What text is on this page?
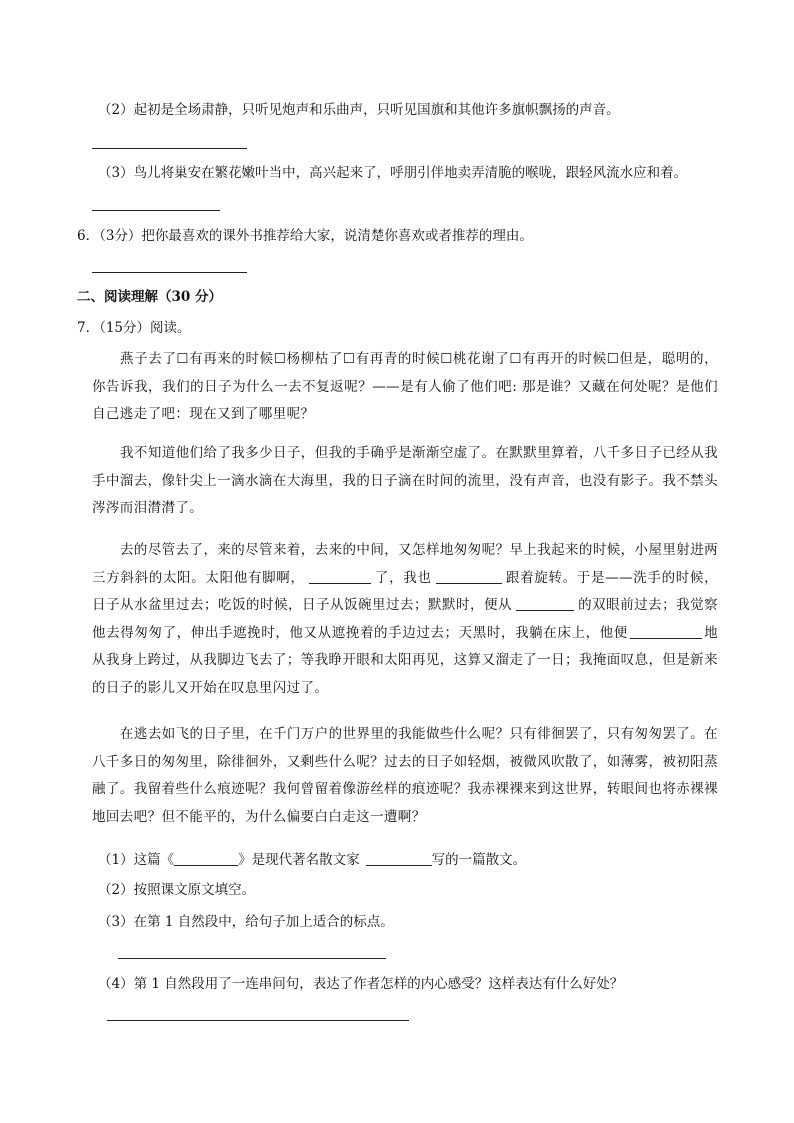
（2）起初是全场肃静，只听见炮声和乐曲声，只听见国旗和其他许多旗帜飘扬的声音。
（3）鸟儿将巢安在繁花嫩叶当中，高兴起来了，呼朋引伴地卖弄清脆的喉咙，跟轻风流水应和着。
6．（3分）把你最喜欢的课外书推荐给大家，说清楚你喜欢或者推荐的理由。
二、阅读理解（30 分）
7．（15分）阅读。
燕子去了☐有再来的时候☐杨柳枯了☐有再青的时候☐桃花谢了☐有再开的时候☐但是，聪明的，你告诉我，我们的日子为什么一去不复返呢？——是有人偷了他们吧: 那是谁？又藏在何处呢？是他们自己逃走了吧：现在又到了哪里呢？
我不知道他们给了我多少日子，但我的手确乎是渐渐空虚了。在默默里算着，八千多日子已经从我手中溜去，像针尖上一滴水滴在大海里，我的日子滴在时间的流里，没有声音，也没有影子。我不禁头涔涔而泪潸潸了。
去的尽管去了，来的尽管来着，去来的中间，又怎样地匆匆呢？早上我起来的时候，小屋里射进两三方斜斜的太阳。太阳他有脚啊，	了，我也	跟着旋转。于是——洗手的时候，日子从水盆里过去；吃饭的时候，日子从饭碗里过去；默默时，便从	的双眼前过去；我觉察他去得匆匆了，伸出手遮挽时，他又从遮挽着的手边过去；天黑时，我躺在床上，他便	地从我身上跨过，从我脚边飞去了；等我睁开眼和太阳再见，这算又溜走了一日；我掩面叹息，但是新来的日子的影儿又开始在叹息里闪过了。
在逃去如飞的日子里，在千门万户的世界里的我能做些什么呢？只有徘徊罢了，只有匆匆罢了。在八千多日的匆匆里，除徘徊外，又剩些什么呢？过去的日子如轻烟，被微风吹散了，如薄雾，被初阳蒸融了。我留着些什么痕迹呢？我何曾留着像游丝样的痕迹呢？我赤裸裸来到这世界，转眼间也将赤裸裸地回去吧？但不能平的，为什么偏要白白走这一遭啊？
（1）这篇《	》是现代著名散文家	写的一篇散文。
（2）按照课文原文填空。
（3）在第 1 自然段中，给句子加上适合的标点。
（4）第 1 自然段用了一连串问句，表达了作者怎样的内心感受？这样表达有什么好处？
